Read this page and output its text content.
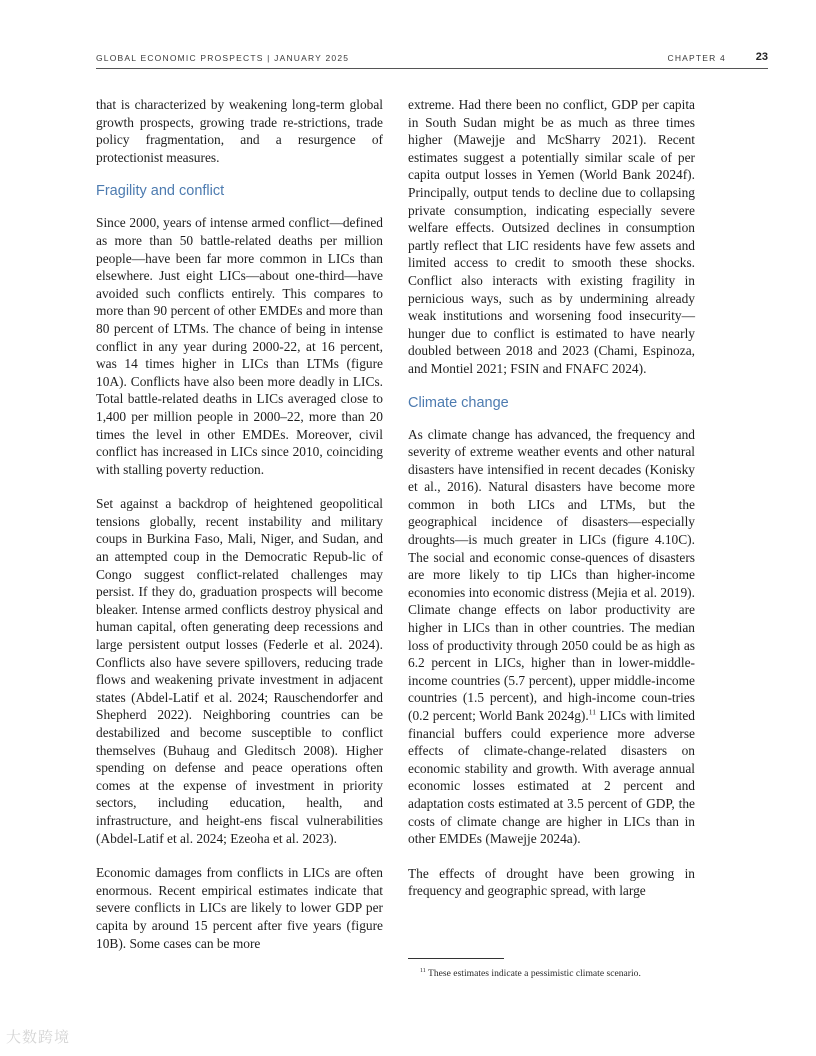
GLOBAL ECONOMIC PROSPECTS | JANUARY 2025	CHAPTER 4	23

that is characterized by weakening long-term global growth prospects, growing trade re-strictions, trade policy fragmentation, and a resurgence of protectionist measures.

Fragility and conflict

Since 2000, years of intense armed conflict—defined as more than 50 battle-related deaths per million people—have been far more common in LICs than elsewhere. Just eight LICs—about one-third—have avoided such conflicts entirely. This compares to more than 90 percent of other EMDEs and more than 80 percent of LTMs. The chance of being in intense conflict in any year during 2000-22, at 16 percent, was 14 times higher in LICs than LTMs (figure 10A). Conflicts have also been more deadly in LICs. Total battle-related deaths in LICs averaged close to 1,400 per million people in 2000–22, more than 20 times the level in other EMDEs. Moreover, civil conflict has increased in LICs since 2010, coinciding with stalling poverty reduction.

Set against a backdrop of heightened geopolitical tensions globally, recent instability and military coups in Burkina Faso, Mali, Niger, and Sudan, and an attempted coup in the Democratic Repub-lic of Congo suggest conflict-related challenges may persist. If they do, graduation prospects will become bleaker. Intense armed conflicts destroy physical and human capital, often generating deep recessions and large persistent output losses (Federle et al. 2024). Conflicts also have severe spillovers, reducing trade flows and weakening private investment in adjacent states (Abdel-Latif et al. 2024; Rauschendorfer and Shepherd 2022). Neighboring countries can be destabilized and become susceptible to conflict themselves (Buhaug and Gleditsch 2008). Higher spending on defense and peace operations often comes at the expense of investment in priority sectors, including education, health, and infrastructure, and height-ens fiscal vulnerabilities (Abdel-Latif et al. 2024; Ezeoha et al. 2023).

Economic damages from conflicts in LICs are often enormous. Recent empirical estimates indicate that severe conflicts in LICs are likely to lower GDP per capita by around 15 percent after five years (figure 10B). Some cases can be more

extreme. Had there been no conflict, GDP per capita in South Sudan might be as much as three times higher (Mawejje and McSharry 2021). Recent estimates suggest a potentially similar scale of per capita output losses in Yemen (World Bank 2024f). Principally, output tends to decline due to collapsing private consumption, indicating especially severe welfare effects. Outsized declines in consumption partly reflect that LIC residents have few assets and limited access to credit to smooth these shocks. Conflict also interacts with existing fragility in pernicious ways, such as by undermining already weak institutions and worsening food insecurity—hunger due to conflict is estimated to have nearly doubled between 2018 and 2023 (Chami, Espinoza, and Montiel 2021; FSIN and FNAFC 2024).

Climate change

As climate change has advanced, the frequency and severity of extreme weather events and other natural disasters have intensified in recent decades (Konisky et al., 2016). Natural disasters have become more common in both LICs and LTMs, but the geographical incidence of disasters—especially droughts—is much greater in LICs (figure 4.10C). The social and economic conse-quences of disasters are more likely to tip LICs than higher-income economies into economic distress (Mejia et al. 2019). Climate change effects on labor productivity are higher in LICs than in other countries. The median loss of productivity through 2050 could be as high as 6.2 percent in LICs, higher than in lower-middle-income countries (5.7 percent), upper middle-income countries (1.5 percent), and high-income coun-tries (0.2 percent; World Bank 2024g).$^{11}$ LICs with limited financial buffers could experience more adverse effects of climate-change-related disasters on economic stability and growth. With average annual economic losses estimated at 2 percent and adaptation costs estimated at 3.5 percent of GDP, the costs of climate change are higher in LICs than in other EMDEs (Mawejje 2024a).

The effects of drought have been growing in frequency and geographic spread, with large

$^{11}$ These estimates indicate a pessimistic climate scenario.
大数跨境
